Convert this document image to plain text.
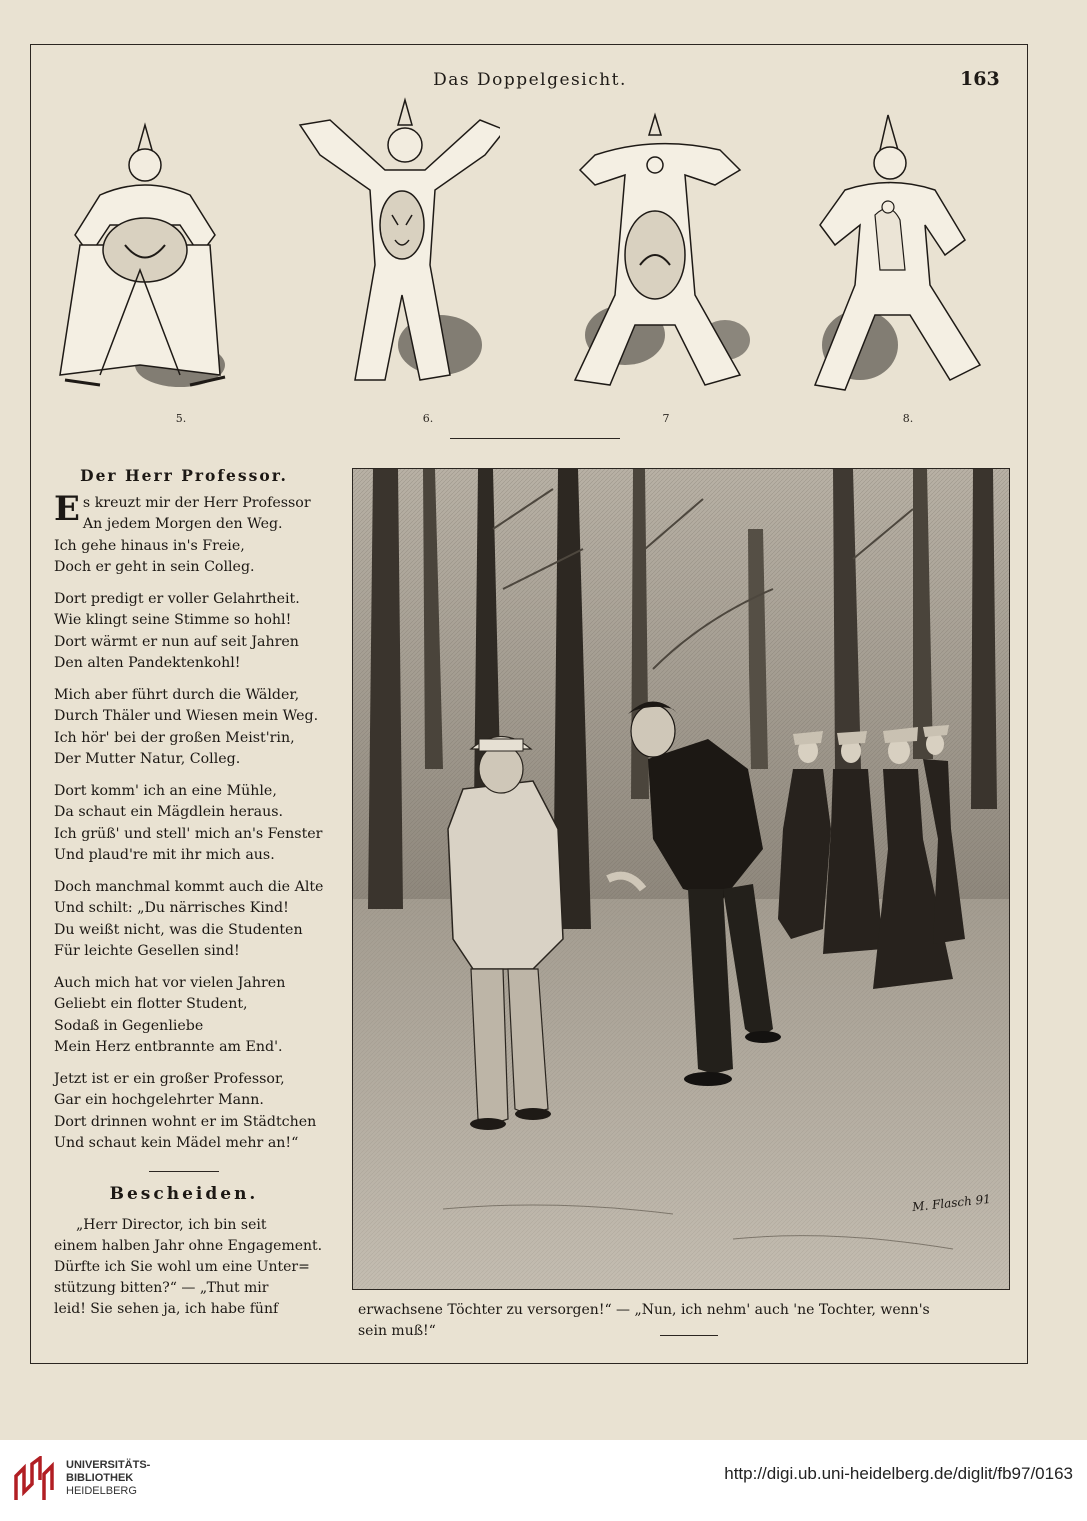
Das Doppelgesicht.	163
5.	6.	7	8.
Der Herr Professor.
E s kreuzt mir der Herr Professor
An jedem Morgen den Weg.
Ich gehe hinaus in's Freie,
Doch er geht in sein Colleg.
Dort predigt er voller Gelahrtheit.
Wie klingt seine Stimme so hohl!
Dort wärmt er nun auf seit Jahren
Den alten Pandektenkohl!
Mich aber führt durch die Wälder,
Durch Thäler und Wiesen mein Weg.
Ich hör' bei der großen Meist'rin,
Der Mutter Natur, Colleg.
Dort komm' ich an eine Mühle,
Da schaut ein Mägdlein heraus.
Ich grüß' und stell' mich an's Fenster
Und plaud're mit ihr mich aus.
Doch manchmal kommt auch die Alte
Und schilt: „Du närrisches Kind!
Du weißt nicht, was die Studenten
Für leichte Gesellen sind!
Auch mich hat vor vielen Jahren
Geliebt ein flotter Student,
Sodaß in Gegenliebe
Mein Herz entbrannte am End'.
Jetzt ist er ein großer Professor,
Gar ein hochgelehrter Mann.
Dort drinnen wohnt er im Städtchen
Und schaut kein Mädel mehr an!“
Bescheiden.
„Herr Director, ich bin seit
einem halben Jahr ohne Engagement.
Dürfte ich Sie wohl um eine Unter=
stützung bitten?“ — „Thut mir
leid! Sie sehen ja, ich habe fünf
M. Flasch 91
erwachsene Töchter zu versorgen!“ — „Nun, ich nehm' auch 'ne Tochter, wenn's
sein muß!“
UNIVERSITÄTS-
BIBLIOTHEK
HEIDELBERG
http://digi.ub.uni-heidelberg.de/diglit/fb97/0163
